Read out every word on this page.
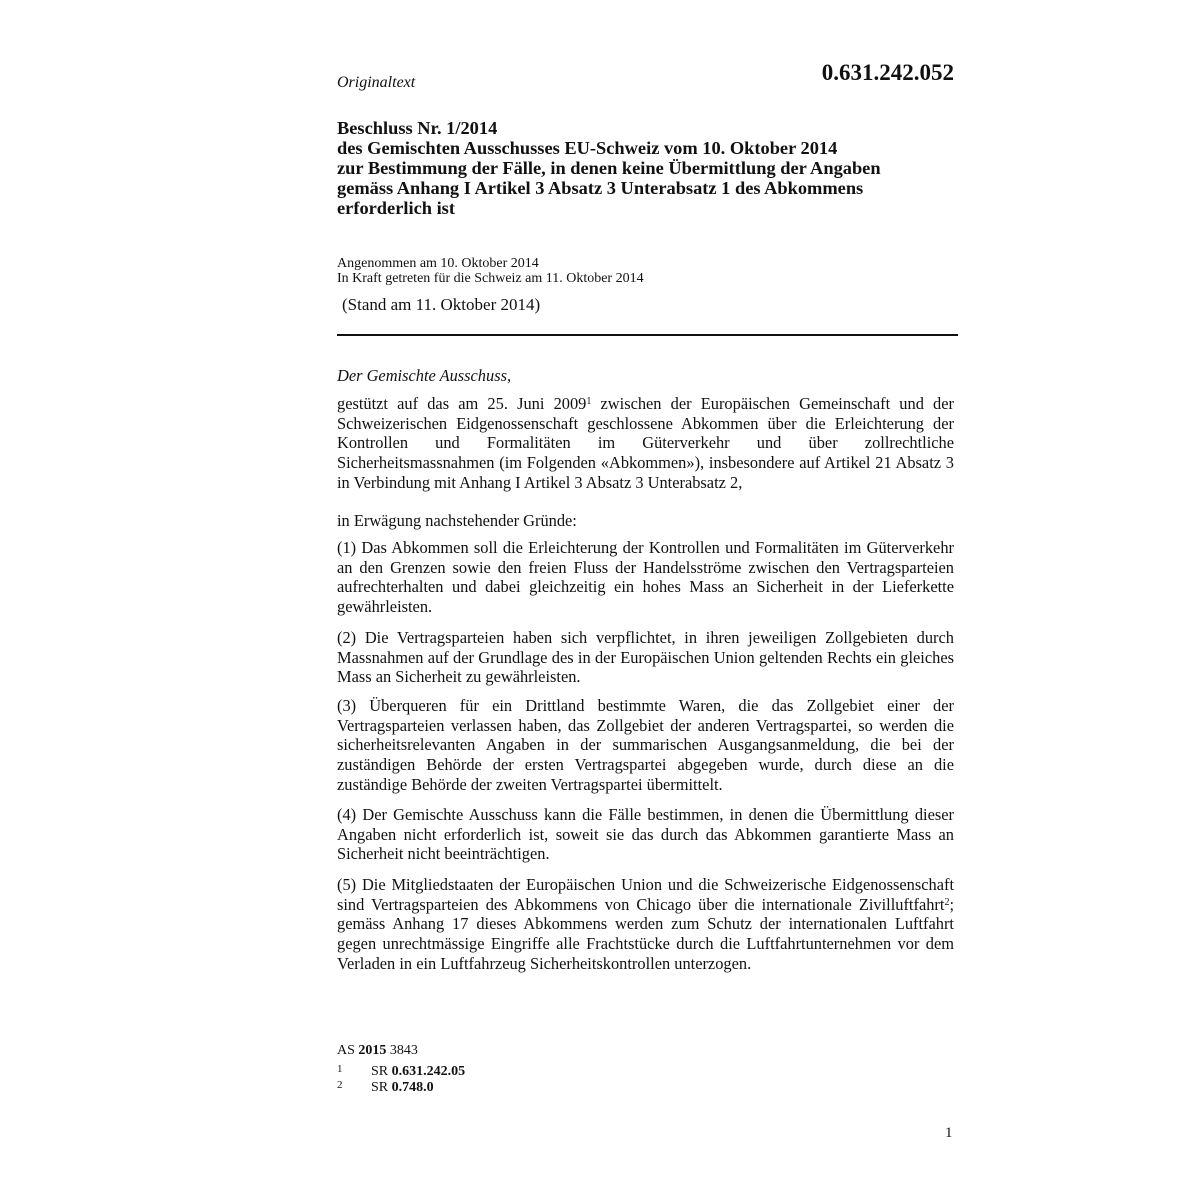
Originaltext	0.631.242.052
Beschluss Nr. 1/2014
des Gemischten Ausschusses EU-Schweiz vom 10. Oktober 2014
zur Bestimmung der Fälle, in denen keine Übermittlung der Angaben
gemäss Anhang I Artikel 3 Absatz 3 Unterabsatz 1 des Abkommens
erforderlich ist
Angenommen am 10. Oktober 2014
In Kraft getreten für die Schweiz am 11. Oktober 2014
(Stand am 11. Oktober 2014)
Der Gemischte Ausschuss,
gestützt auf das am 25. Juni 2009$^1$ zwischen der Europäischen Gemeinschaft und der Schweizerischen Eidgenossenschaft geschlossene Abkommen über die Erleichterung der Kontrollen und Formalitäten im Güterverkehr und über zollrechtliche Sicherheitsmassnahmen (im Folgenden «Abkommen»), insbesondere auf Artikel 21 Absatz 3 in Verbindung mit Anhang I Artikel 3 Absatz 3 Unterabsatz 2,
in Erwägung nachstehender Gründe:
(1) Das Abkommen soll die Erleichterung der Kontrollen und Formalitäten im Güterverkehr an den Grenzen sowie den freien Fluss der Handelsströme zwischen den Vertragsparteien aufrechterhalten und dabei gleichzeitig ein hohes Mass an Sicherheit in der Lieferkette gewährleisten.
(2) Die Vertragsparteien haben sich verpflichtet, in ihren jeweiligen Zollgebieten durch Massnahmen auf der Grundlage des in der Europäischen Union geltenden Rechts ein gleiches Mass an Sicherheit zu gewährleisten.
(3) Überqueren für ein Drittland bestimmte Waren, die das Zollgebiet einer der Vertragsparteien verlassen haben, das Zollgebiet der anderen Vertragspartei, so werden die sicherheitsrelevanten Angaben in der summarischen Ausgangsanmeldung, die bei der zuständigen Behörde der ersten Vertragspartei abgegeben wurde, durch diese an die zuständige Behörde der zweiten Vertragspartei übermittelt.
(4) Der Gemischte Ausschuss kann die Fälle bestimmen, in denen die Übermittlung dieser Angaben nicht erforderlich ist, soweit sie das durch das Abkommen garantierte Mass an Sicherheit nicht beeinträchtigen.
(5) Die Mitgliedstaaten der Europäischen Union und die Schweizerische Eidgenossenschaft sind Vertragsparteien des Abkommens von Chicago über die internationale Zivilluftfahrt$^2$; gemäss Anhang 17 dieses Abkommens werden zum Schutz der internationalen Luftfahrt gegen unrechtmässige Eingriffe alle Frachtstücke durch die Luftfahrtunternehmen vor dem Verladen in ein Luftfahrzeug Sicherheitskontrollen unterzogen.
AS 2015 3843
1 SR 0.631.242.05
2 SR 0.748.0
1
